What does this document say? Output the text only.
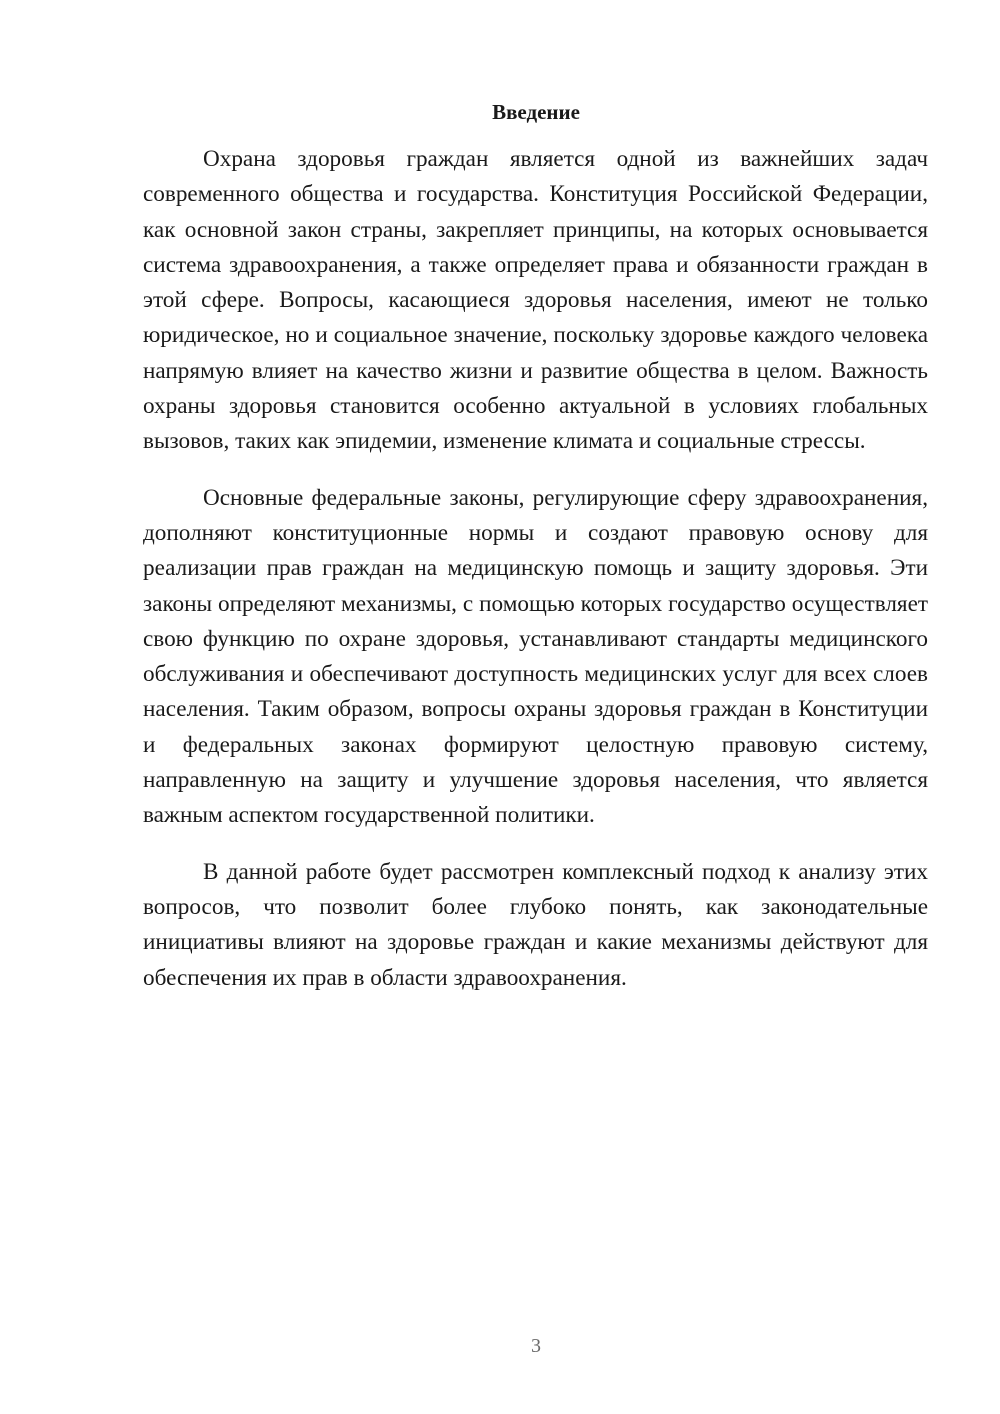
Введение

Охрана здоровья граждан является одной из важнейших задач современного общества и государства. Конституция Российской Федерации, как основной закон страны, закрепляет принципы, на которых основывается система здравоохранения, а также определяет права и обязанности граждан в этой сфере. Вопросы, касающиеся здоровья населения, имеют не только юридическое, но и социальное значение, поскольку здоровье каждого человека напрямую влияет на качество жизни и развитие общества в целом. Важность охраны здоровья становится особенно актуальной в условиях глобальных вызовов, таких как эпидемии, изменение климата и социальные стрессы.

Основные федеральные законы, регулирующие сферу здравоохранения, дополняют конституционные нормы и создают правовую основу для реализации прав граждан на медицинскую помощь и защиту здоровья. Эти законы определяют механизмы, с помощью которых государство осуществляет свою функцию по охране здоровья, устанавливают стандарты медицинского обслуживания и обеспечивают доступность медицинских услуг для всех слоев населения. Таким образом, вопросы охраны здоровья граждан в Конституции и федеральных законах формируют целостную правовую систему, направленную на защиту и улучшение здоровья населения, что является важным аспектом государственной политики.

В данной работе будет рассмотрен комплексный подход к анализу этих вопросов, что позволит более глубоко понять, как законодательные инициативы влияют на здоровье граждан и какие механизмы действуют для обеспечения их прав в области здравоохранения.

3
